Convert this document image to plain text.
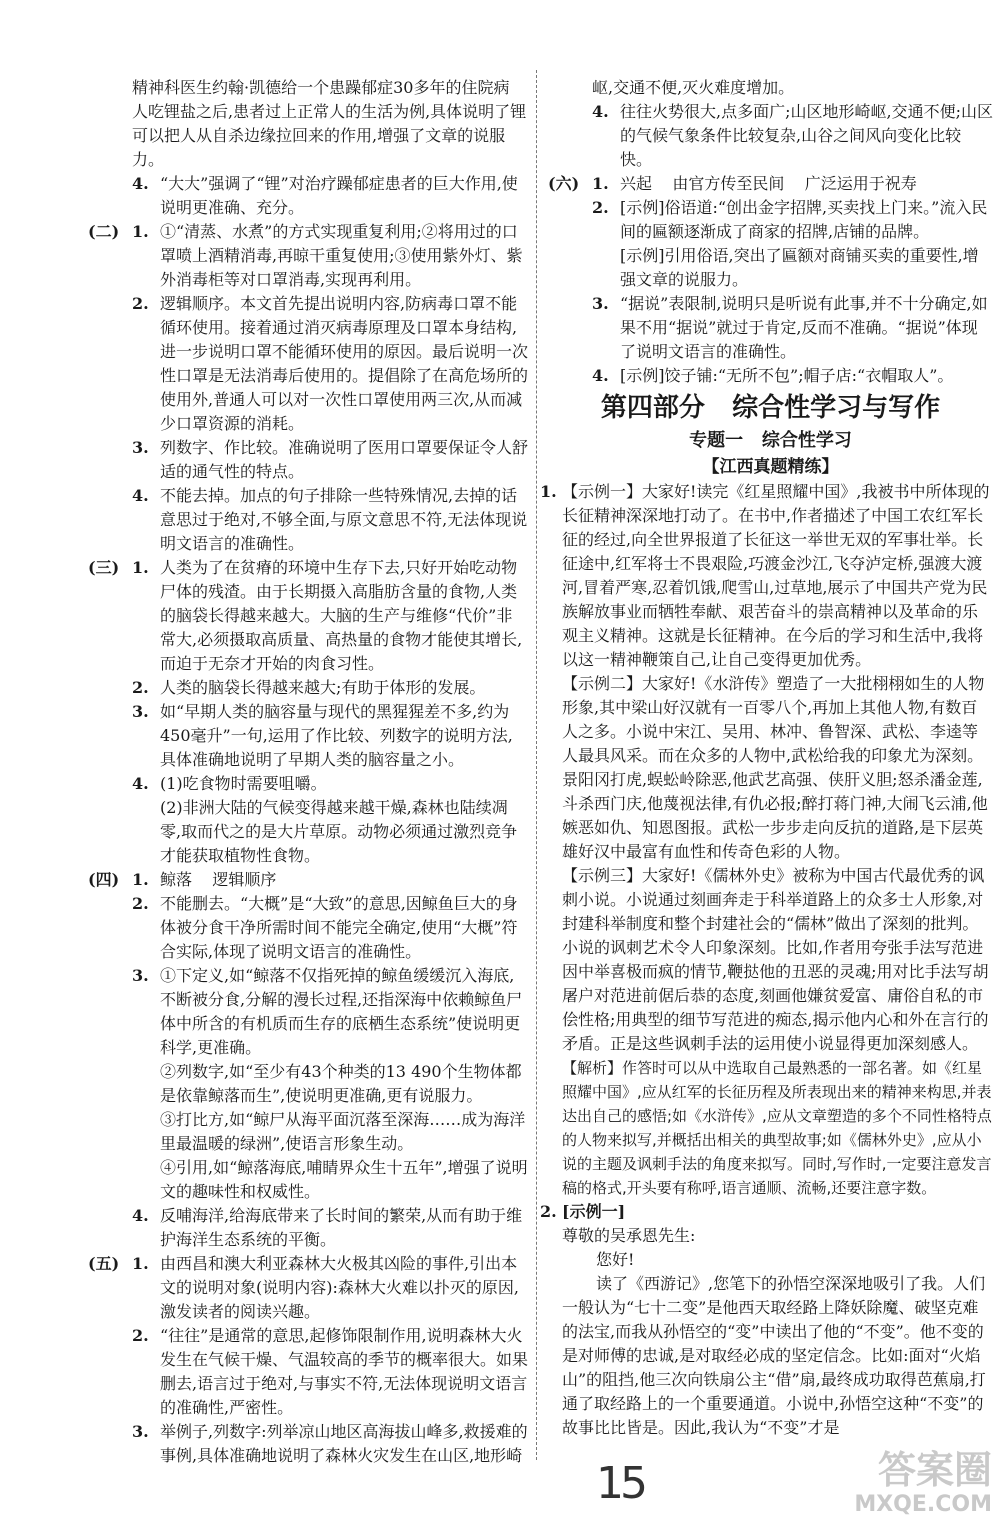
精神科医生约翰·凯德给一个患躁郁症30多年的住院病
人吃锂盐之后,患者过上正常人的生活为例,具体说明了锂
可以把人从自杀边缘拉回来的作用,增强了文章的说服力。
4. “大大”强调了“锂”对治疗躁郁症患者的巨大作用,使说明更准确、充分。
(二) 1. ①“清蒸、水煮”的方式实现重复利用;②将用过的口罩喷上酒精消毒,再晾干重复使用;③使用紫外灯、紫外消毒柜等对口罩消毒,实现再利用。
2. 逻辑顺序。本文首先提出说明内容,防病毒口罩不能循环使用。接着通过消灭病毒原理及口罩本身结构,进一步说明口罩不能循环使用的原因。最后说明一次性口罩是无法消毒后使用的。提倡除了在高危场所的使用外,普通人可以对一次性口罩使用两三次,从而减少口罩资源的消耗。
3. 列数字、作比较。准确说明了医用口罩要保证令人舒适的通气性的特点。
4. 不能去掉。加点的句子排除一些特殊情况,去掉的话意思过于绝对,不够全面,与原文意思不符,无法体现说明文语言的准确性。
(三) 1. 人类为了在贫瘠的环境中生存下去,只好开始吃动物尸体的残渣。由于长期摄入高脂肪含量的食物,人类的脑袋长得越来越大。大脑的生产与维修“代价”非常大,必须摄取高质量、高热量的食物才能使其增长,而迫于无奈才开始的肉食习性。
2. 人类的脑袋长得越来越大;有助于体形的发展。
3. 如“早期人类的脑容量与现代的黑猩猩差不多,约为450毫升”一句,运用了作比较、列数字的说明方法,具体准确地说明了早期人类的脑容量之小。
4. (1)吃食物时需要咀嚼。
(2)非洲大陆的气候变得越来越干燥,森林也陆续凋零,取而代之的是大片草原。动物必须通过激烈竞争才能获取植物性食物。
(四) 1. 鲸落    逻辑顺序
2. 不能删去。“大概”是“大致”的意思,因鲸鱼巨大的身体被分食干净所需时间不能完全确定,使用“大概”符合实际,体现了说明文语言的准确性。
3. ①下定义,如“鲸落不仅指死掉的鲸鱼缓缓沉入海底,不断被分食,分解的漫长过程,还指深海中依赖鲸鱼尸体中所含的有机质而生存的底栖生态系统”使说明更科学,更准确。
②列数字,如“至少有43个种类的13 490个生物体都是依靠鲸落而生”,使说明更准确,更有说服力。
③打比方,如“鲸尸从海平面沉落至深海……成为海洋里最温暖的绿洲”,使语言形象生动。
④引用,如“鲸落海底,哺睛界众生十五年”,增强了说明文的趣味性和权威性。
4. 反哺海洋,给海底带来了长时间的繁荣,从而有助于维护海洋生态系统的平衡。
(五) 1. 由西昌和澳大利亚森林大火极其凶险的事件,引出本文的说明对象(说明内容):森林大火难以扑灭的原因,激发读者的阅读兴趣。
2. “往往”是通常的意思,起修饰限制作用,说明森林大火发生在气候干燥、气温较高的季节的概率很大。如果删去,语言过于绝对,与事实不符,无法体现说明文语言的准确性,严密性。
3. 举例子,列数字:列举凉山地区高海拔山峰多,救援难的事例,具体准确地说明了森林火灾发生在山区,地形崎
岖,交通不便,灭火难度增加。
4. 往往火势很大,点多面广;山区地形崎岖,交通不便;山区的气候气象条件比较复杂,山谷之间风向变化比较快。
(六) 1. 兴起    由官方传至民间    广泛运用于祝寿
2. [示例]俗语道:“创出金字招牌,买卖找上门来。”流入民间的匾额逐渐成了商家的招牌,店铺的品牌。
[示例]引用俗语,突出了匾额对商铺买卖的重要性,增强文章的说服力。
3. “据说”表限制,说明只是听说有此事,并不十分确定,如果不用“据说”就过于肯定,反而不准确。“据说”体现了说明文语言的准确性。
4. [示例]饺子铺:“无所不包”;帽子店:“衣帽取人”。
第四部分   综合性学习与写作
专题一   综合性学习
【江西真题精练】
1. 【示例一】大家好!读完《红星照耀中国》,我被书中所体现的长征精神深深地打动了。在书中,作者描述了中国工农红军长征的经过,向全世界报道了长征这一举世无双的军事壮举。长征途中,红军将士不畏艰险,巧渡金沙江,飞夺泸定桥,强渡大渡河,冒着严寒,忍着饥饿,爬雪山,过草地,展示了中国共产党为民族解放事业而牺牲奉献、艰苦奋斗的崇高精神以及革命的乐观主义精神。这就是长征精神。在今后的学习和生活中,我将以这一精神鞭策自己,让自己变得更加优秀。
【示例二】大家好!《水浒传》塑造了一大批栩栩如生的人物形象,其中梁山好汉就有一百零八个,再加上其他人物,有数百人之多。小说中宋江、吴用、林冲、鲁智深、武松、李逵等人最具风采。而在众多的人物中,武松给我的印象尤为深刻。景阳冈打虎,蜈蚣岭除恶,他武艺高强、侠肝义胆;怒杀潘金莲,斗杀西门庆,他蔑视法律,有仇必报;醉打蒋门神,大闹飞云浦,他嫉恶如仇、知恩图报。武松一步步走向反抗的道路,是下层英雄好汉中最富有血性和传奇色彩的人物。
【示例三】大家好!《儒林外史》被称为中国古代最优秀的讽刺小说。小说通过刻画奔走于科举道路上的众多士人形象,对封建科举制度和整个封建社会的“儒林”做出了深刻的批判。小说的讽刺艺术令人印象深刻。比如,作者用夸张手法写范进因中举喜极而疯的情节,鞭挞他的丑恶的灵魂;用对比手法写胡屠户对范进前倨后恭的态度,刻画他嫌贫爱富、庸俗自私的市侩性格;用典型的细节写范进的痴态,揭示他内心和外在言行的矛盾。正是这些讽刺手法的运用使小说显得更加深刻感人。
【解析】作答时可以从中选取自己最熟悉的一部名著。如《红星照耀中国》,应从红军的长征历程及所表现出来的精神来构思,并表达出自己的感悟;如《水浒传》,应从文章塑造的多个不同性格特点的人物来拟写,并概括出相关的典型故事;如《儒林外史》,应从小说的主题及讽刺手法的角度来拟写。同时,写作时,一定要注意发言稿的格式,开头要有称呼,语言通顺、流畅,还要注意字数。
2. [示例一]
尊敬的吴承恩先生:
您好!
读了《西游记》,您笔下的孙悟空深深地吸引了我。人们一般认为“七十二变”是他西天取经路上降妖除魔、破坚克难的法宝,而我从孙悟空的“变”中读出了他的“不变”。他不变的是对师傅的忠诚,是对取经必成的坚定信念。比如:面对“火焰山”的阻挡,他三次向铁扇公主“借”扇,最终成功取得芭蕉扇,打通了取经路上的一个重要通道。小说中,孙悟空这种“不变”的故事比比皆是。因此,我认为“不变”才是
15	答案圈
MXQE.COM
